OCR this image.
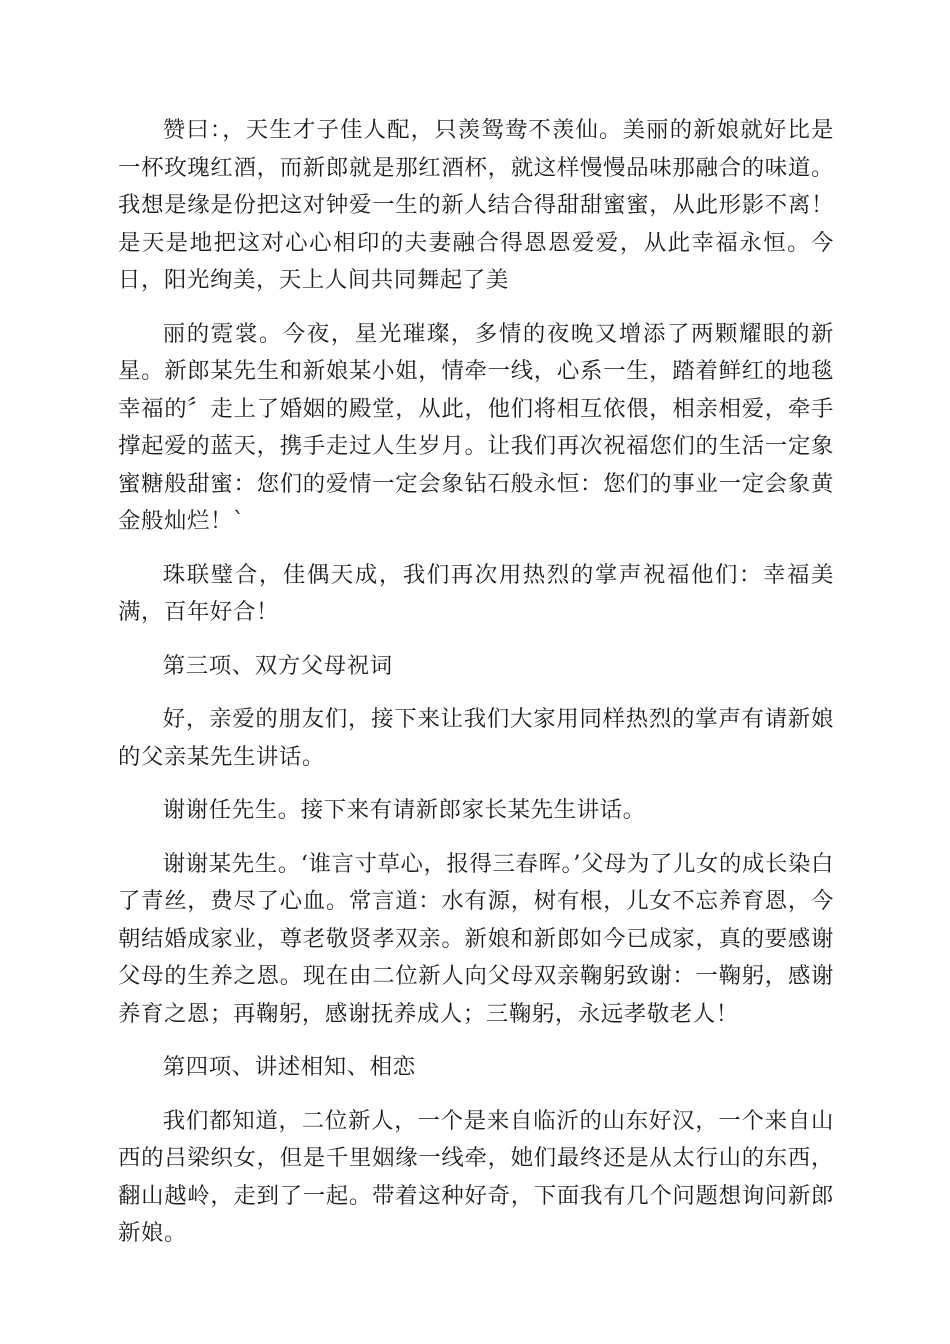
赞曰：，天生才子佳人配，只羡鸳鸯不羡仙。美丽的新娘就好比是一杯玫瑰红酒，而新郎就是那红酒杯，就这样慢慢品味那融合的味道。我想是缘是份把这对钟爱一生的新人结合得甜甜蜜蜜，从此形影不离！是天是地把这对心心相印的夫妻融合得恩恩爱爱，从此幸福永恒。今日，阳光绚美，天上人间共同舞起了美

丽的霓裳。今夜，星光璀璨，多情的夜晚又增添了两颗耀眼的新星。新郎某先生和新娘某小姐，情牵一线，心系一生，踏着鲜红的地毯幸福的〞走上了婚姻的殿堂，从此，他们将相互依偎，相亲相爱，牵手撑起爱的蓝天，携手走过人生岁月。让我们再次祝福您们的生活一定象蜜糖般甜蜜：您们的爱情一定会象钻石般永恒：您们的事业一定会象黄金般灿烂！`

珠联璧合，佳偶天成，我们再次用热烈的掌声祝福他们：幸福美满，百年好合！

第三项、双方父母祝词

好，亲爱的朋友们，接下来让我们大家用同样热烈的掌声有请新娘的父亲某先生讲话。

谢谢任先生。接下来有请新郎家长某先生讲话。

谢谢某先生。‘谁言寸草心，报得三春晖。’父母为了儿女的成长染白了青丝，费尽了心血。常言道：水有源，树有根，儿女不忘养育恩，今朝结婚成家业，尊老敬贤孝双亲。新娘和新郎如今已成家，真的要感谢父母的生养之恩。现在由二位新人向父母双亲鞠躬致谢：一鞠躬，感谢养育之恩；再鞠躬，感谢抚养成人；三鞠躬，永远孝敬老人！

第四项、讲述相知、相恋

我们都知道，二位新人，一个是来自临沂的山东好汉，一个来自山西的吕梁织女，但是千里姻缘一线牵，她们最终还是从太行山的东西，翻山越岭，走到了一起。带着这种好奇，下面我有几个问题想询问新郎新娘。
